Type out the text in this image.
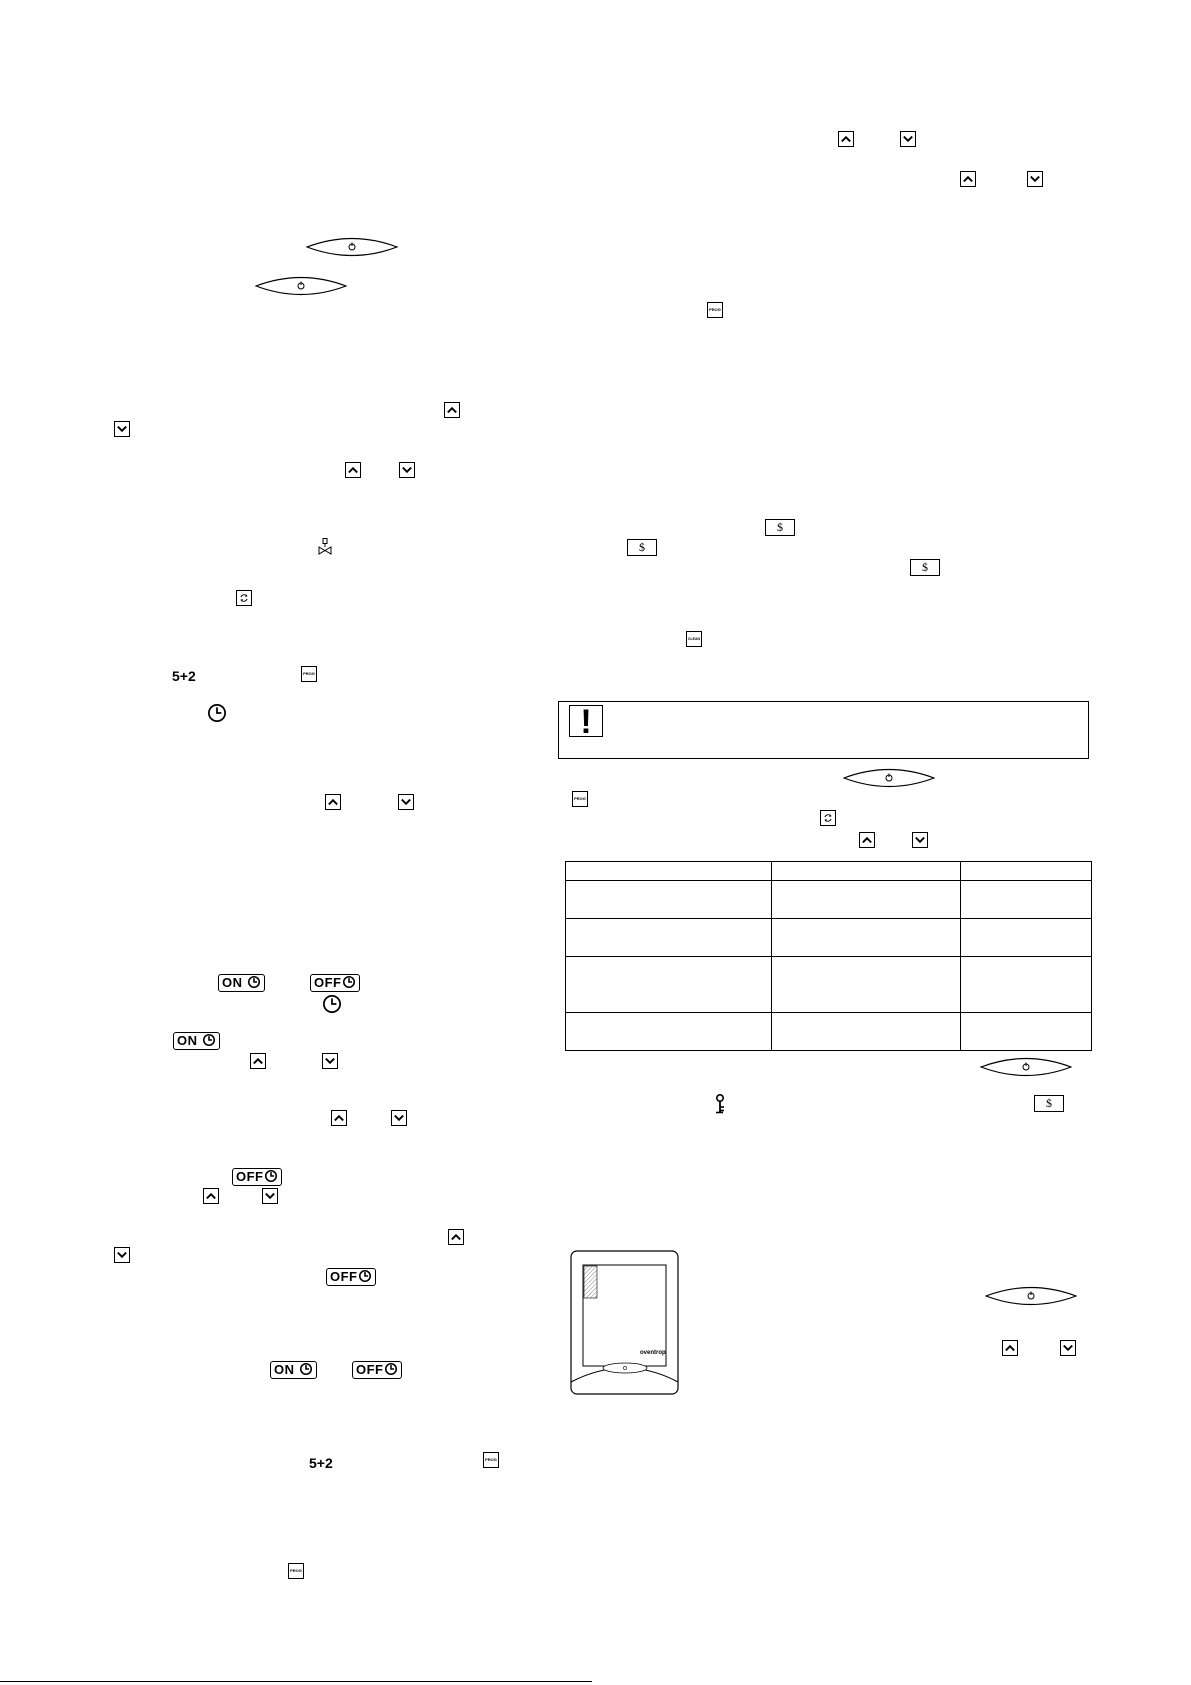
5+2	PROG
ON	OFF
ON
OFF
OFF
ON	OFF
5+2	PROG
PROG
PROG
$
$
$
CLEAN
!
PROG

$
oventrop
